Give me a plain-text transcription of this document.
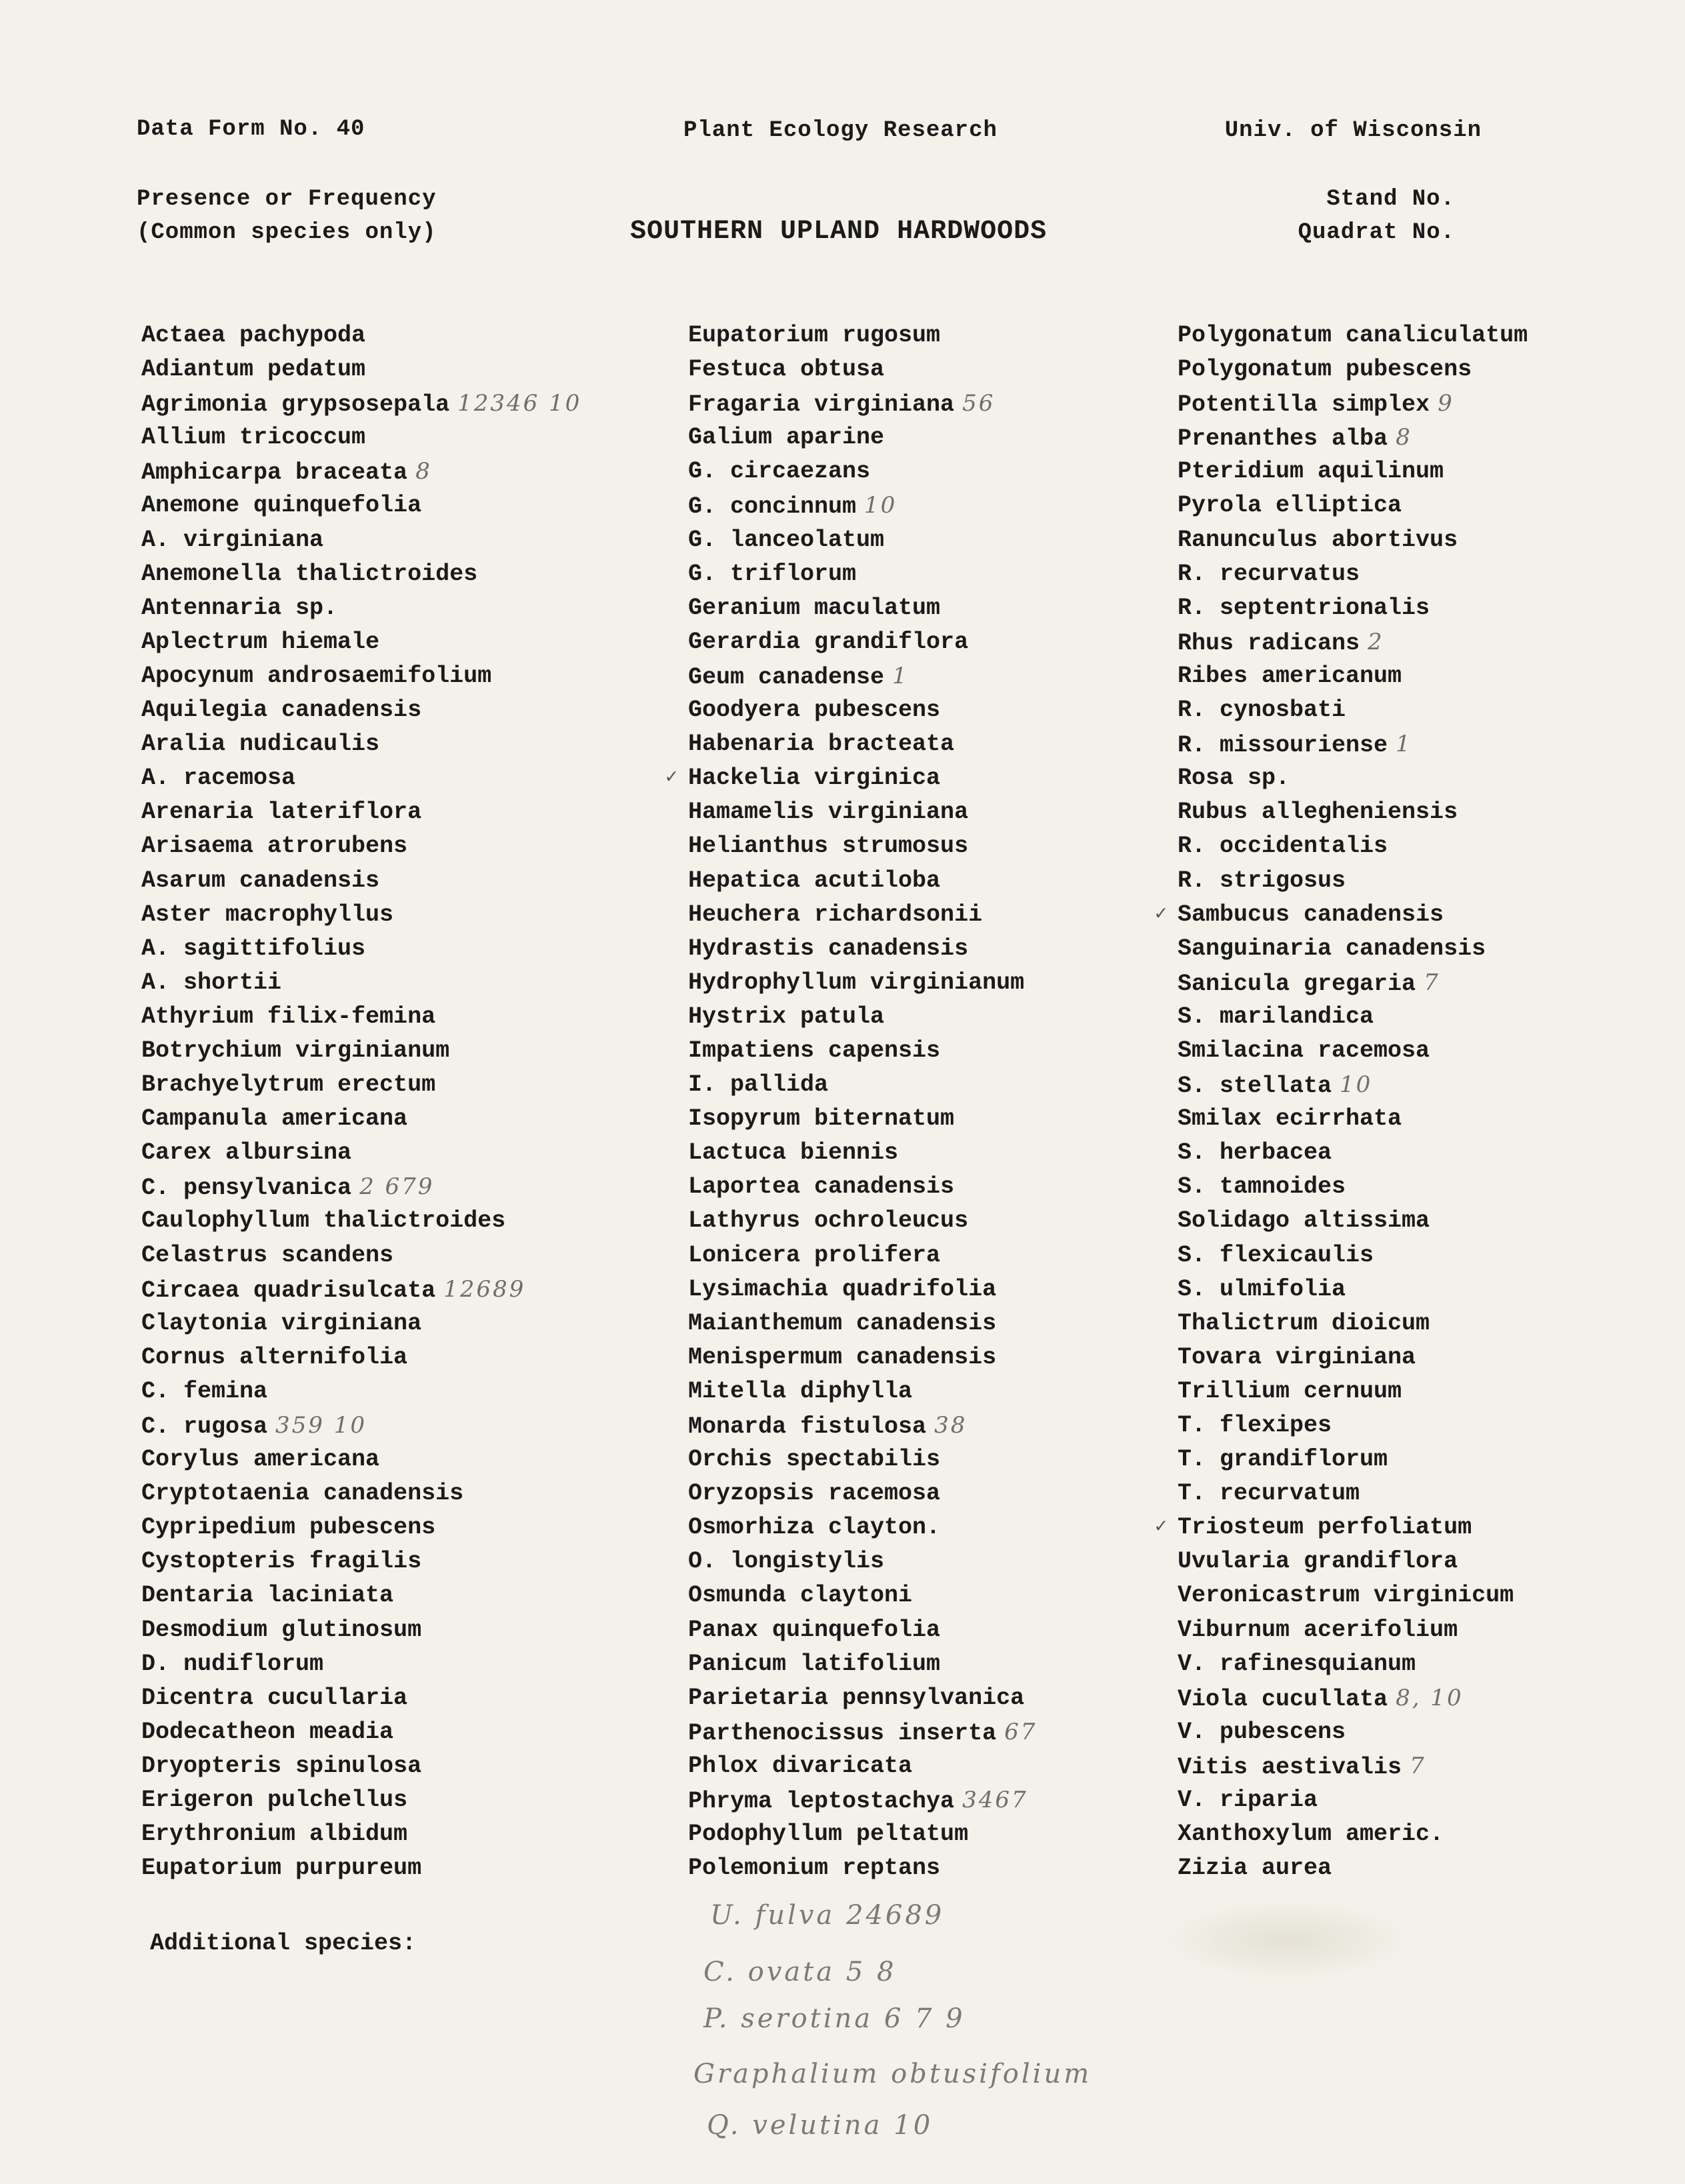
Data Form No. 40	Plant Ecology Research	Univ. of Wisconsin
Presence or Frequency
(Common species only)	SOUTHERN UPLAND HARDWOODS
Stand No.
Quadrat No.
Actaea pachypoda
Adiantum pedatum
Agrimonia grypsosepala 12346 10
Allium tricoccum
Amphicarpa braceata 8
Anemone quinquefolia
A. virginiana
Anemonella thalictroides
Antennaria sp.
Aplectrum hiemale
Apocynum androsaemifolium
Aquilegia canadensis
Aralia nudicaulis
A. racemosa
Arenaria lateriflora
Arisaema atrorubens
Asarum canadensis
Aster macrophyllus
A. sagittifolius
A. shortii
Athyrium filix-femina
Botrychium virginianum
Brachyelytrum erectum
Campanula americana
Carex albursina
C. pensylvanica 2 679
Caulophyllum thalictroides
Celastrus scandens
Circaea quadrisulcata 12689
Claytonia virginiana
Cornus alternifolia
C. femina
C. rugosa 359 10
Corylus americana
Cryptotaenia canadensis
Cypripedium pubescens
Cystopteris fragilis
Dentaria laciniata
Desmodium glutinosum
D. nudiflorum
Dicentra cucullaria
Dodecatheon meadia
Dryopteris spinulosa
Erigeron pulchellus
Erythronium albidum
Eupatorium purpureum
Eupatorium rugosum
Festuca obtusa
Fragaria virginiana 56
Galium aparine
G. circaezans
G. concinnum 10
G. lanceolatum
G. triflorum
Geranium maculatum
Gerardia grandiflora
Geum canadense 1
Goodyera pubescens
Habenaria bracteata
✓ Hackelia virginica
Hamamelis virginiana
Helianthus strumosus
Hepatica acutiloba
Heuchera richardsonii
Hydrastis canadensis
Hydrophyllum virginianum
Hystrix patula
Impatiens capensis
I. pallida
Isopyrum biternatum
Lactuca biennis
Laportea canadensis
Lathyrus ochroleucus
Lonicera prolifera
Lysimachia quadrifolia
Maianthemum canadensis
Menispermum canadensis
Mitella diphylla
Monarda fistulosa 38
Orchis spectabilis
Oryzopsis racemosa
Osmorhiza clayton.
O. longistylis
Osmunda claytoni
Panax quinquefolia
Panicum latifolium
Parietaria pennsylvanica
Parthenocissus inserta 67
Phlox divaricata
Phryma leptostachya 3467
Podophyllum peltatum
Polemonium reptans
Polygonatum canaliculatum
Polygonatum pubescens
Potentilla simplex 9
Prenanthes alba 8
Pteridium aquilinum
Pyrola elliptica
Ranunculus abortivus
R. recurvatus
R. septentrionalis
Rhus radicans 2
Ribes americanum
R. cynosbati
R. missouriense 1
Rosa sp.
Rubus allegheniensis
R. occidentalis
R. strigosus
✓ Sambucus canadensis
Sanguinaria canadensis
Sanicula gregaria 7
S. marilandica
Smilacina racemosa
S. stellata 10
Smilax ecirrhata
S. herbacea
S. tamnoides
Solidago altissima
S. flexicaulis
S. ulmifolia
Thalictrum dioicum
Tovara virginiana
Trillium cernuum
T. flexipes
T. grandiflorum
T. recurvatum
✓ Triosteum perfoliatum
Uvularia grandiflora
Veronicastrum virginicum
Viburnum acerifolium
V. rafinesquianum
Viola cucullata 8, 10
V. pubescens
Vitis aestivalis 7
V. riparia
Xanthoxylum americ.
Zizia aurea
Additional species:
U. fulva 24689
C. ovata 5 8
P. serotina 6 7 9
Graphalium obtusifolium
Q. velutina 10
